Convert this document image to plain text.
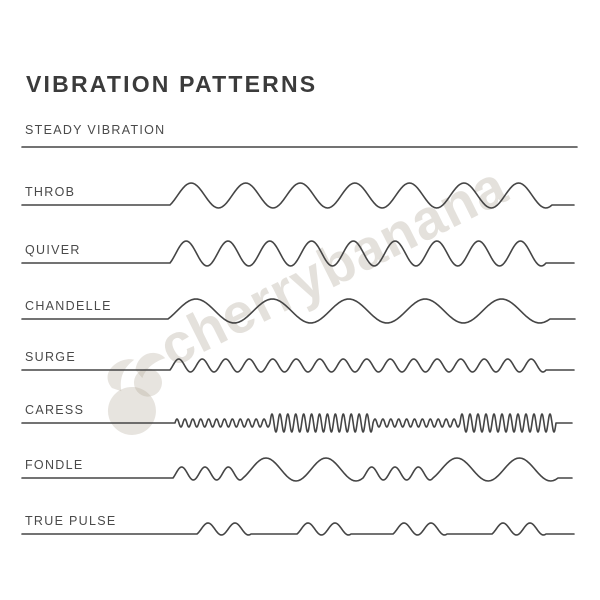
VIBRATION PATTERNS
cherrybanana
STEADY VIBRATION
THROB
QUIVER
CHANDELLE
SURGE
CARESS
FONDLE
TRUE PULSE
